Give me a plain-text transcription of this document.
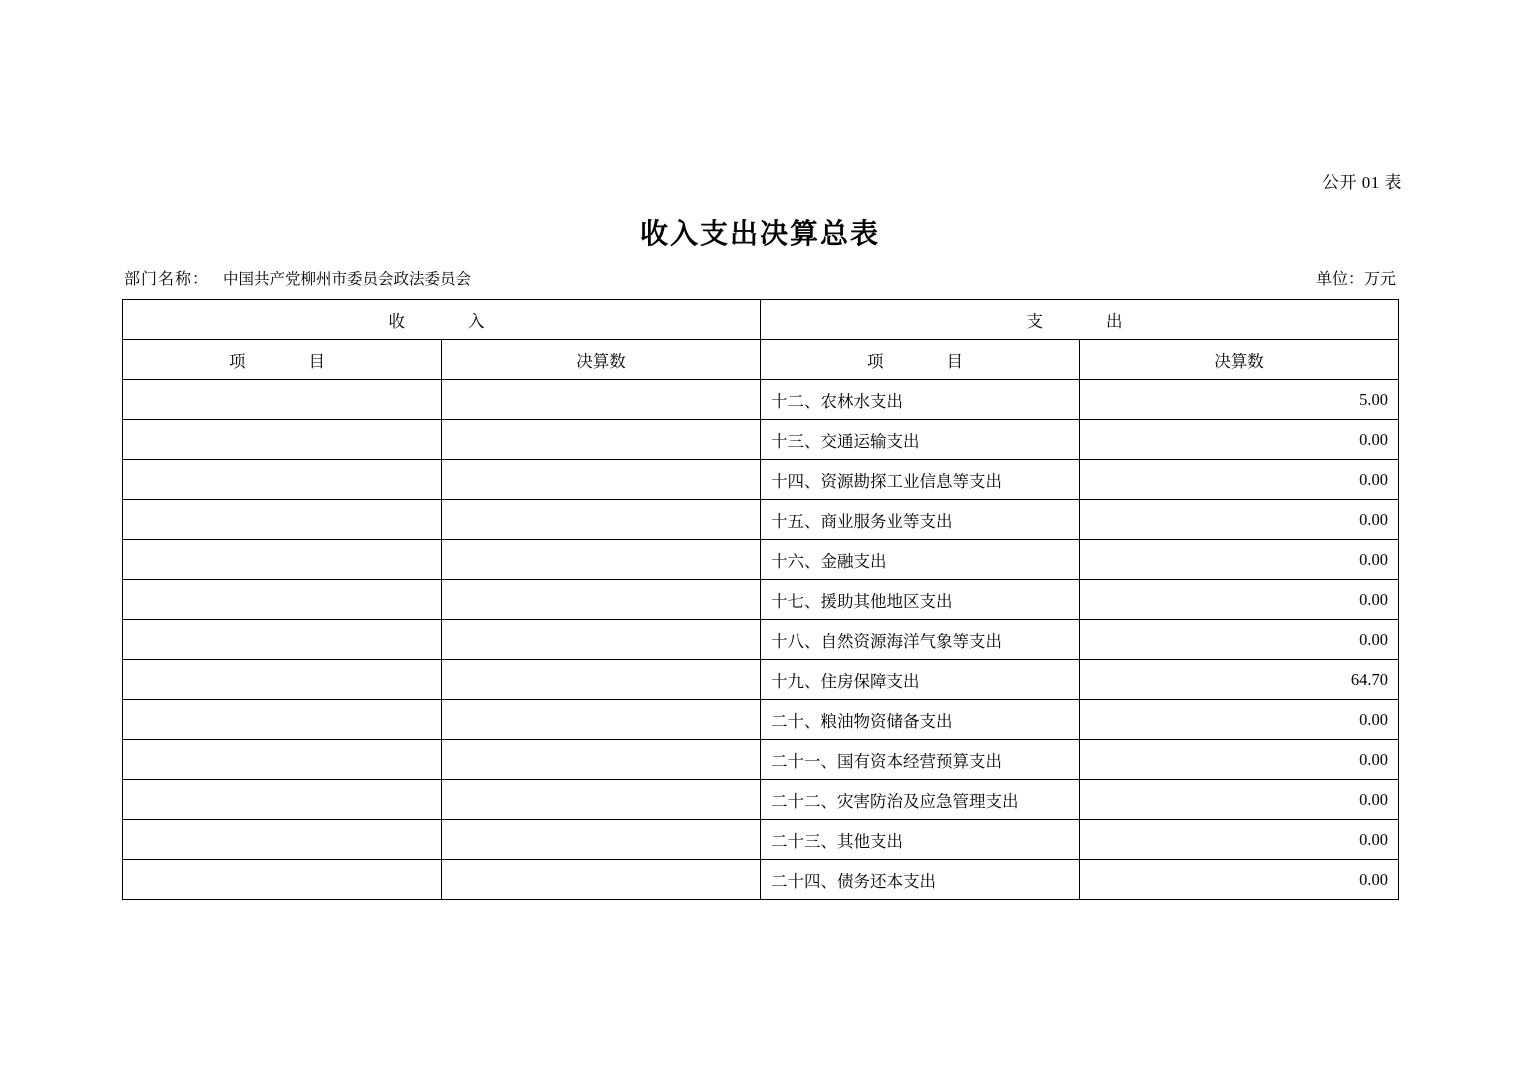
公开 01 表
收入支出决算总表
部门名称： 中国共产党柳州市委员会政法委员会	单位：万元
收　　入		支　　出	
项　　目	决算数	项　　目	决算数
		十二、农林水支出	5.00
		十三、交通运输支出	0.00
		十四、资源勘探工业信息等支出	0.00
		十五、商业服务业等支出	0.00
		十六、金融支出	0.00
		十七、援助其他地区支出	0.00
		十八、自然资源海洋气象等支出	0.00
		十九、住房保障支出	64.70
		二十、粮油物资储备支出	0.00
		二十一、国有资本经营预算支出	0.00
		二十二、灾害防治及应急管理支出	0.00
		二十三、其他支出	0.00
		二十四、债务还本支出	0.00
